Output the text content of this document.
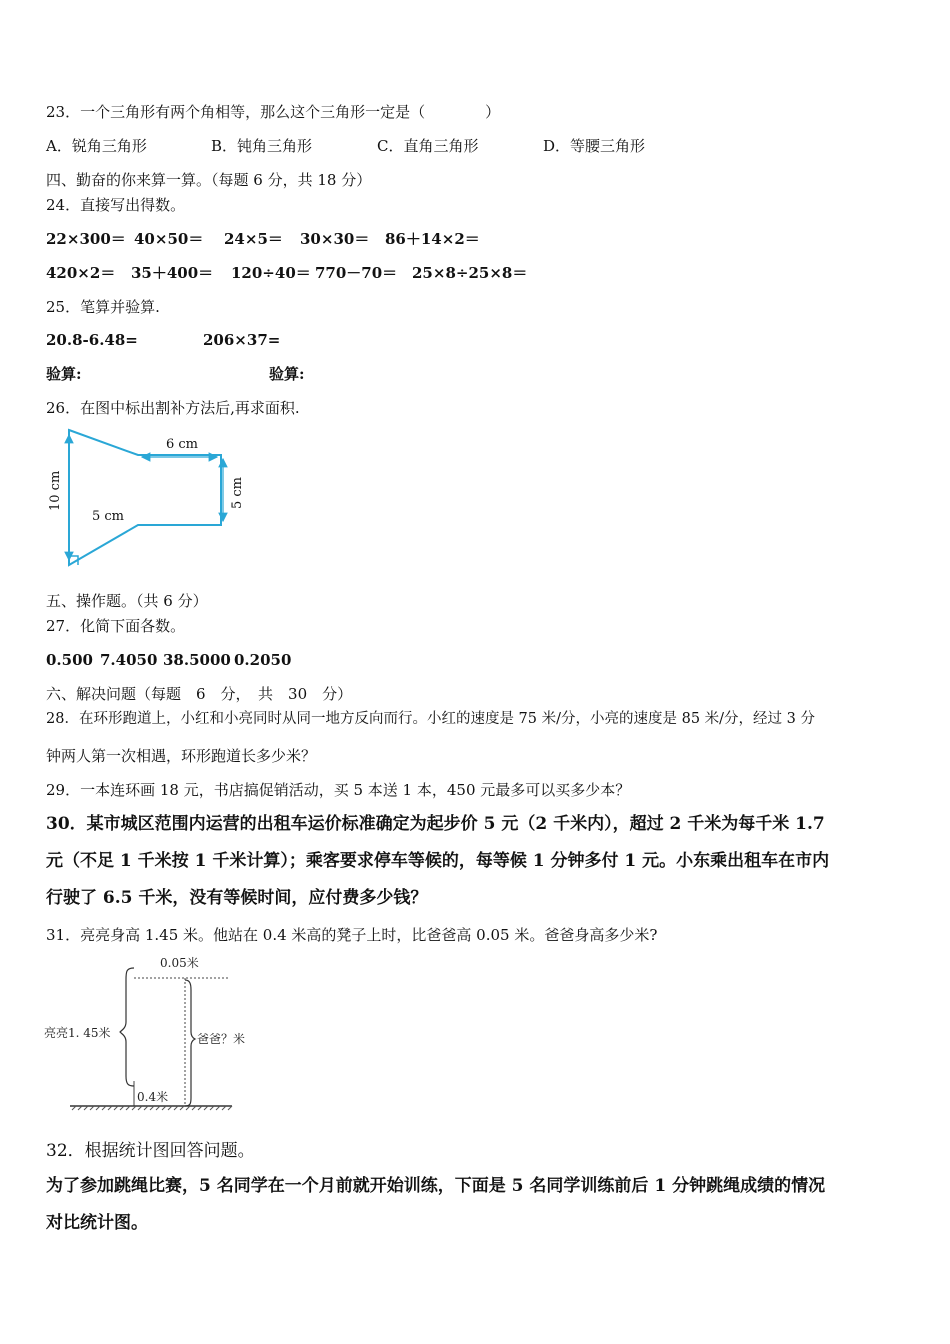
23．一个三角形有两个角相等，那么这个三角形一定是（　　　　）
A．锐角三角形	B．钝角三角形	C．直角三角形	D．等腰三角形
四、勤奋的你来算一算。（每题 6 分，共 18 分）
24．直接写出得数。
22×300＝ 40×50＝ 24×5＝ 30×30＝ 86＋14×2＝
420×2＝ 35＋400＝ 120÷40＝ 770－70＝ 25×8÷25×8＝
25．笔算并验算.
20.8-6.48=	206×37=
验算:	验算:
26．在图中标出割补方法后,再求面积.
6 cm
5 cm
10 cm	5 cm
五、操作题。（共 6 分）
27．化简下面各数。
0.500 7.4050 38.5000 0.2050
六、解决问题（每题　6　分，　共　30　分）
28．在环形跑道上，小红和小亮同时从同一地方反向而行。小红的速度是 75 米/分，小亮的速度是 85 米/分，经过 3 分
钟两人第一次相遇，环形跑道长多少米？
29．一本连环画 18 元，书店搞促销活动，买 5 本送 1 本，450 元最多可以买多少本？
30．某市城区范围内运营的出租车运价标准确定为起步价 5 元（2 千米内），超过 2 千米为每千米 1.7
元（不足 1 千米按 1 千米计算）；乘客要求停车等候的，每等候 1 分钟多付 1 元。小东乘出租车在市内
行驶了 6.5 千米，没有等候时间，应付费多少钱？
31．亮亮身高 1.45 米。他站在 0.4 米高的凳子上时，比爸爸高 0.05 米。爸爸身高多少米?
0.05米
亮亮1. 45米	爸爸？米
0.4米
32．根据统计图回答问题。
为了参加跳绳比赛，5 名同学在一个月前就开始训练，下面是 5 名同学训练前后 1 分钟跳绳成绩的情况
对比统计图。
